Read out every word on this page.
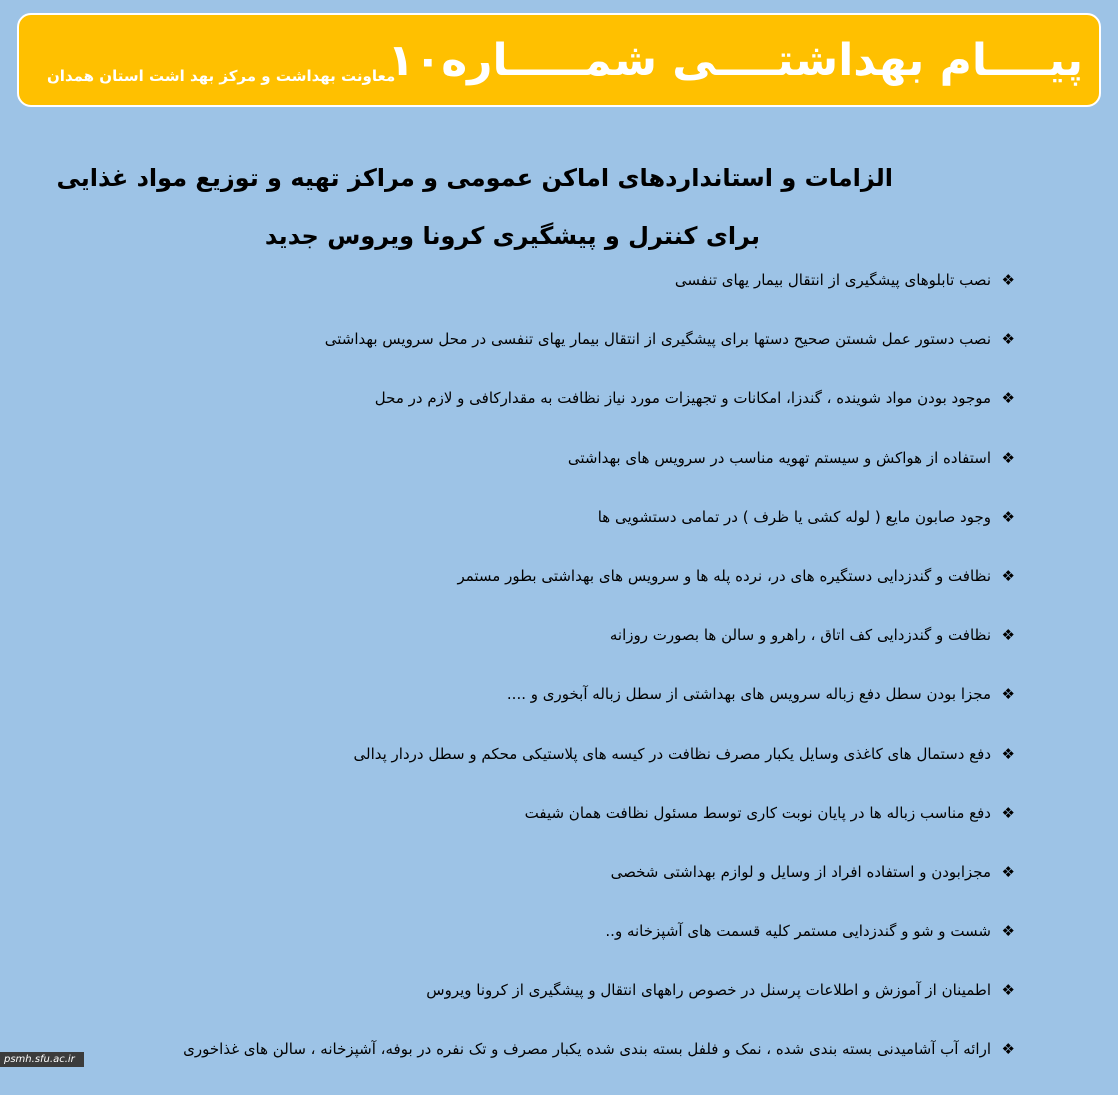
پیــــام بهداشتــــی شمـــــاره۱۰
معاونت بهداشت و مرکز بهد اشت استان همدان
الزامات و استانداردهای اماکن عمومی و مراکز تهیه و توزیع مواد غذایی
برای کنترل و پیشگیری کرونا ویروس جدید
❖
نصب تابلوهای پیشگیری از انتقال بیمار یهای تنفسی
❖
نصب دستور عمل شستن صحیح دستها برای پیشگیری از انتقال بیمار یهای تنفسی در محل سرویس بهداشتی
❖
موجود بودن مواد شوینده ، گندزا، امکانات و تجهیزات مورد نیاز نظافت به مقدارکافی و لازم در محل
❖
استفاده از هواکش و سیستم تهویه مناسب در سرویس های بهداشتی
❖
وجود صابون مایع ( لوله کشی یا ظرف ) در تمامی دستشویی ها
❖
نظافت و گندزدایی دستگیره های در، نرده پله ها و سرویس های بهداشتی بطور مستمر
❖
نظافت و گندزدایی کف اتاق ، راهرو و سالن ها بصورت روزانه
❖
مجزا بودن سطل دفع زباله سرویس های بهداشتی از سطل زباله آبخوری و ....
❖
دفع دستمال های کاغذی وسایل یکبار مصرف نظافت در کیسه های پلاستیکی محکم و سطل دردار پدالی
❖
دفع مناسب زباله ها در پایان نوبت کاری توسط مسئول نظافت همان شیفت
❖
مجزابودن و استفاده افراد از وسایل و لوازم بهداشتی شخصی
❖
شست و شو و گندزدایی مستمر کلیه قسمت های آشپزخانه و..
❖
اطمینان از آموزش و اطلاعات پرسنل در خصوص راههای انتقال و پیشگیری از کرونا ویروس
❖
ارائه آب آشامیدنی بسته بندی شده ، نمک و فلفل بسته بندی شده یکبار مصرف و تک نفره در بوفه، آشپزخانه ، سالن های غذاخوری
psmh.sfu.ac.ir
